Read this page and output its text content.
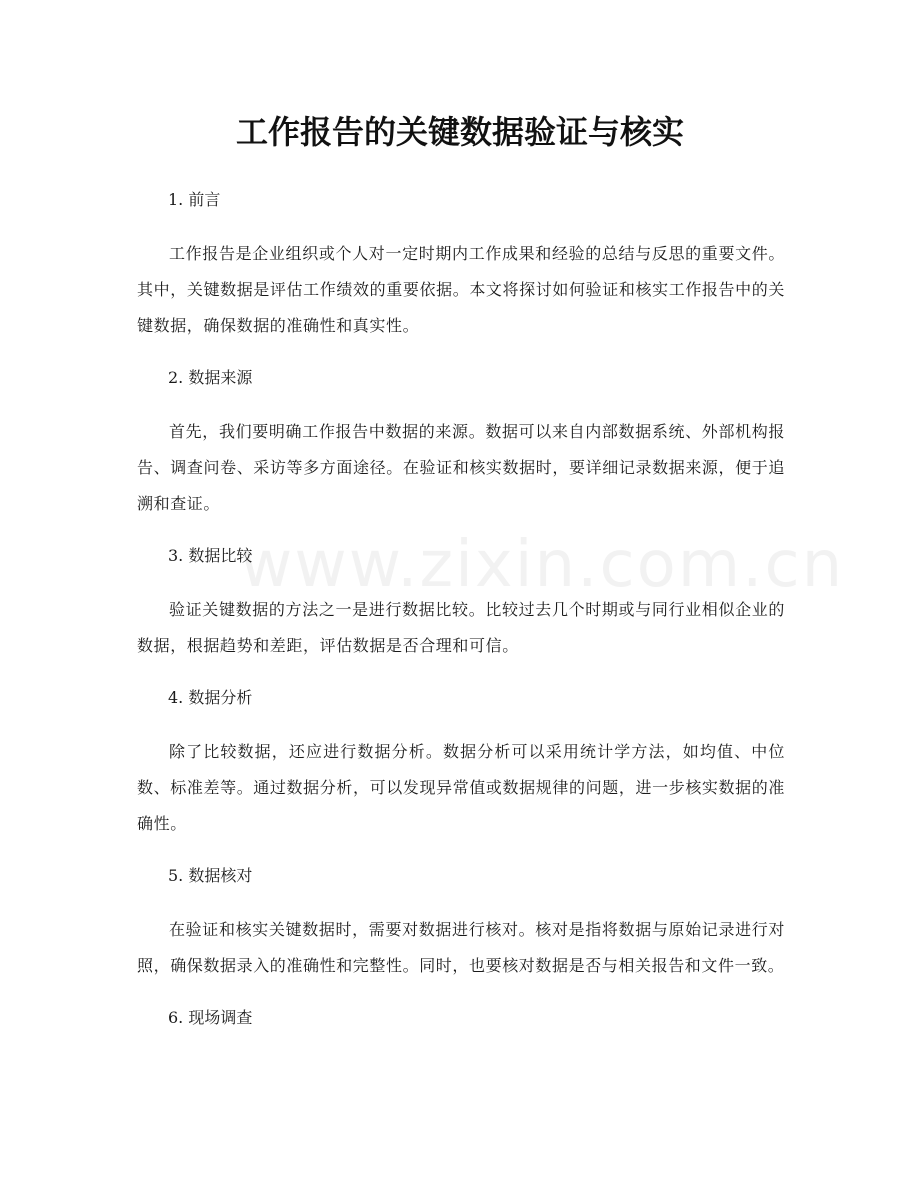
工作报告的关键数据验证与核实
www.zixin.com.cn
1. 前言

工作报告是企业组织或个人对一定时期内工作成果和经验的总结与反思的重要文件。其中，关键数据是评估工作绩效的重要依据。本文将探讨如何验证和核实工作报告中的关键数据，确保数据的准确性和真实性。

2. 数据来源

首先，我们要明确工作报告中数据的来源。数据可以来自内部数据系统、外部机构报告、调查问卷、采访等多方面途径。在验证和核实数据时，要详细记录数据来源，便于追溯和查证。

3. 数据比较

验证关键数据的方法之一是进行数据比较。比较过去几个时期或与同行业相似企业的数据，根据趋势和差距，评估数据是否合理和可信。

4. 数据分析

除了比较数据，还应进行数据分析。数据分析可以采用统计学方法，如均值、中位数、标准差等。通过数据分析，可以发现异常值或数据规律的问题，进一步核实数据的准确性。

5. 数据核对

在验证和核实关键数据时，需要对数据进行核对。核对是指将数据与原始记录进行对照，确保数据录入的准确性和完整性。同时，也要核对数据是否与相关报告和文件一致。

6. 现场调查
